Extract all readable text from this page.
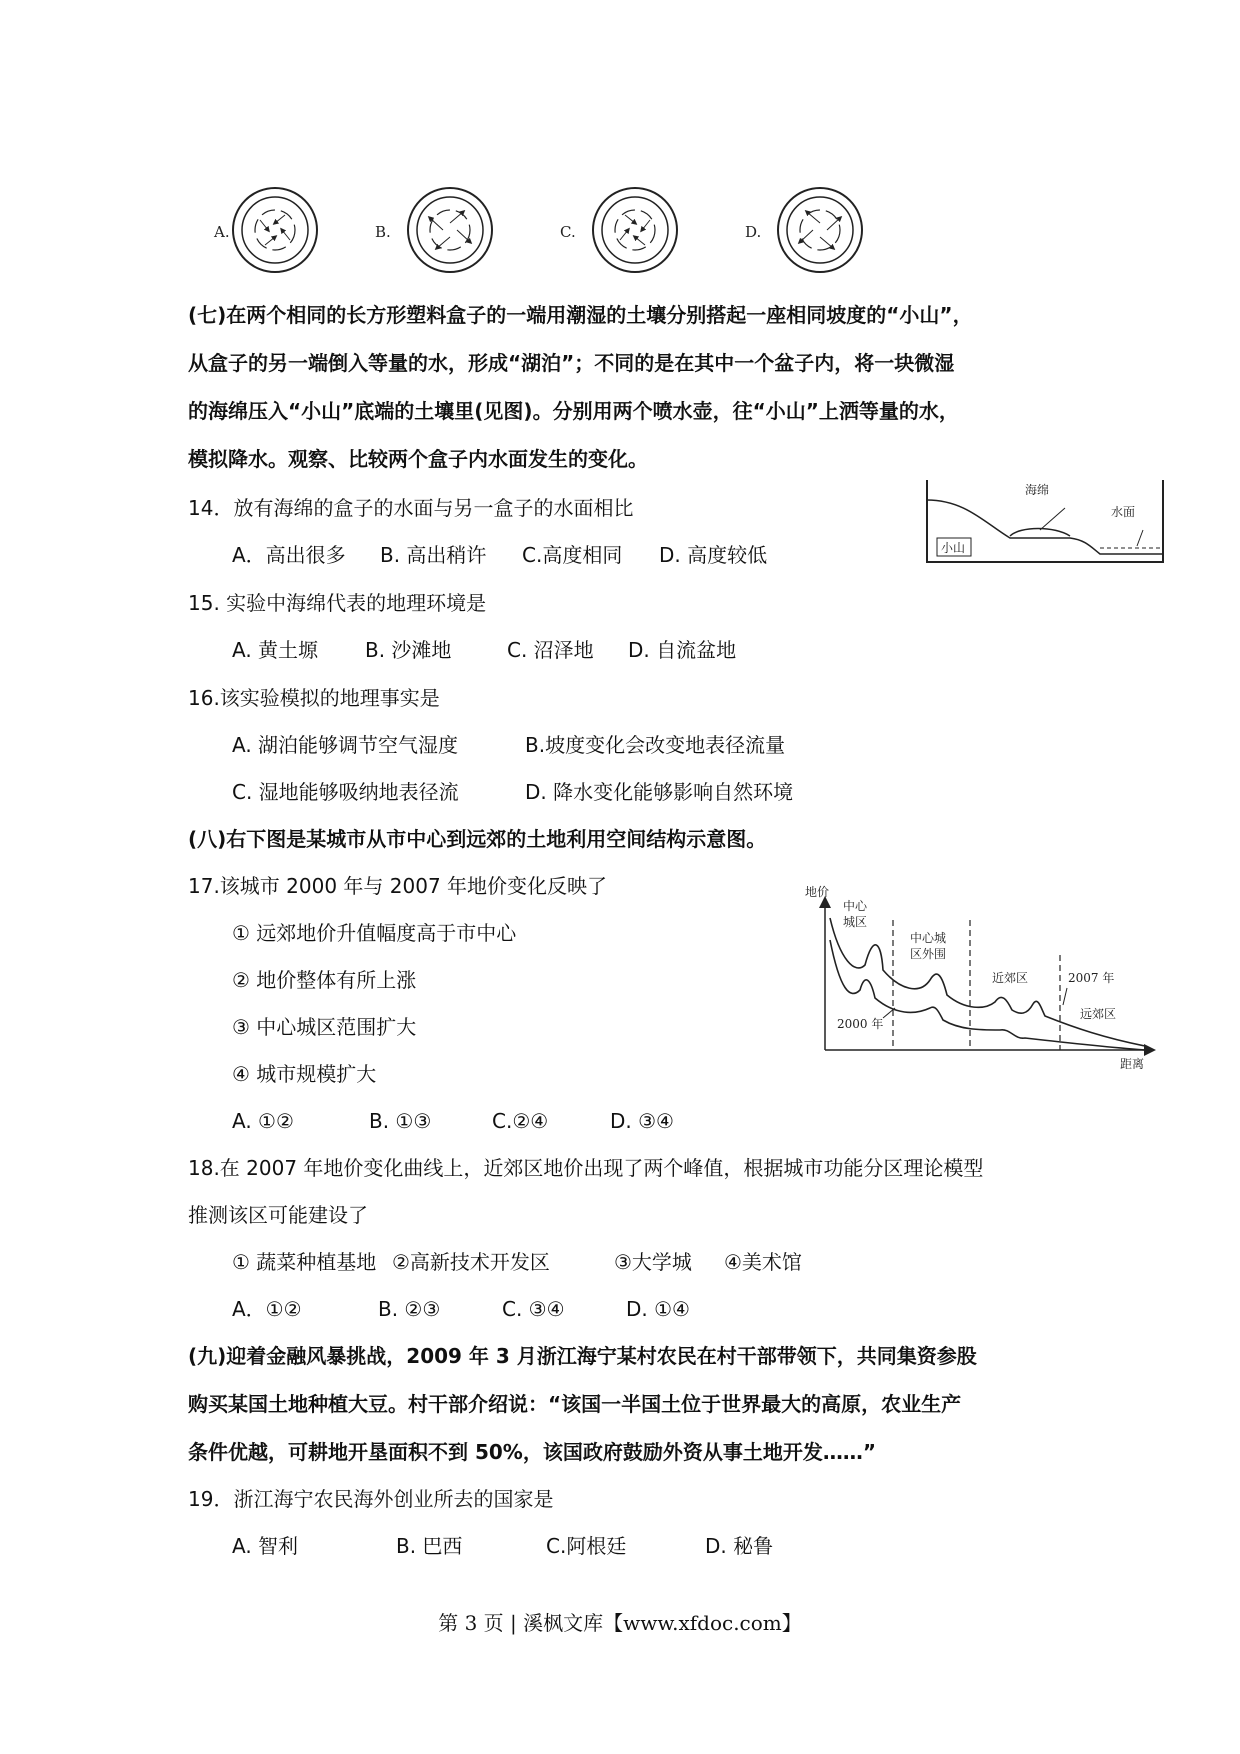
A.	B.	C.	D.
(七)在两个相同的长方形塑料盒子的一端用潮湿的土壤分别搭起一座相同坡度的“小山”，
从盒子的另一端倒入等量的水，形成“湖泊”；不同的是在其中一个盆子内，将一块微湿
的海绵压入“小山”底端的土壤里(见图)。分别用两个喷水壶，往“小山”上洒等量的水，
模拟降水。观察、比较两个盒子内水面发生的变化。
海绵
水面
小山
14．放有海绵的盒子的水面与另一盒子的水面相比
A．高出很多 B. 高出稍许 C.高度相同 D. 高度较低
15. 实验中海绵代表的地理环境是
A. 黄土塬 B. 沙滩地	C. 沼泽地 D. 自流盆地
16.该实验模拟的地理事实是
A. 湖泊能够调节空气湿度	B.坡度变化会改变地表径流量
C. 湿地能够吸纳地表径流	D. 降水变化能够影响自然环境
(八)右下图是某城市从市中心到远郊的土地利用空间结构示意图。
17.该城市 2000 年与 2007 年地价变化反映了
① 远郊地价升值幅度高于市中心
② 地价整体有所上涨
③ 中心城区范围扩大
④ 城市规模扩大
A. ①②	B. ①③	C.②④	D. ③④
地价
距离
中心
城区
中心城
区外围
近郊区	2007 年
远郊区
2000 年
18.在 2007 年地价变化曲线上，近郊区地价出现了两个峰值，根据城市功能分区理论模型
推测该区可能建设了
① 蔬菜种植基地 ②高新技术开发区	③大学城 ④美术馆
A．①②	B. ②③	C. ③④	D. ①④
(九)迎着金融风暴挑战，2009 年 3 月浙江海宁某村农民在村干部带领下，共同集资参股
购买某国土地种植大豆。村干部介绍说：“该国一半国土位于世界最大的高原，农业生产
条件优越，可耕地开垦面积不到 50%，该国政府鼓励外资从事土地开发……”
19．浙江海宁农民海外创业所去的国家是
A. 智利	B. 巴西	C.阿根廷	D. 秘鲁
第 3 页 | 溪枫文库【www.xfdoc.com】
